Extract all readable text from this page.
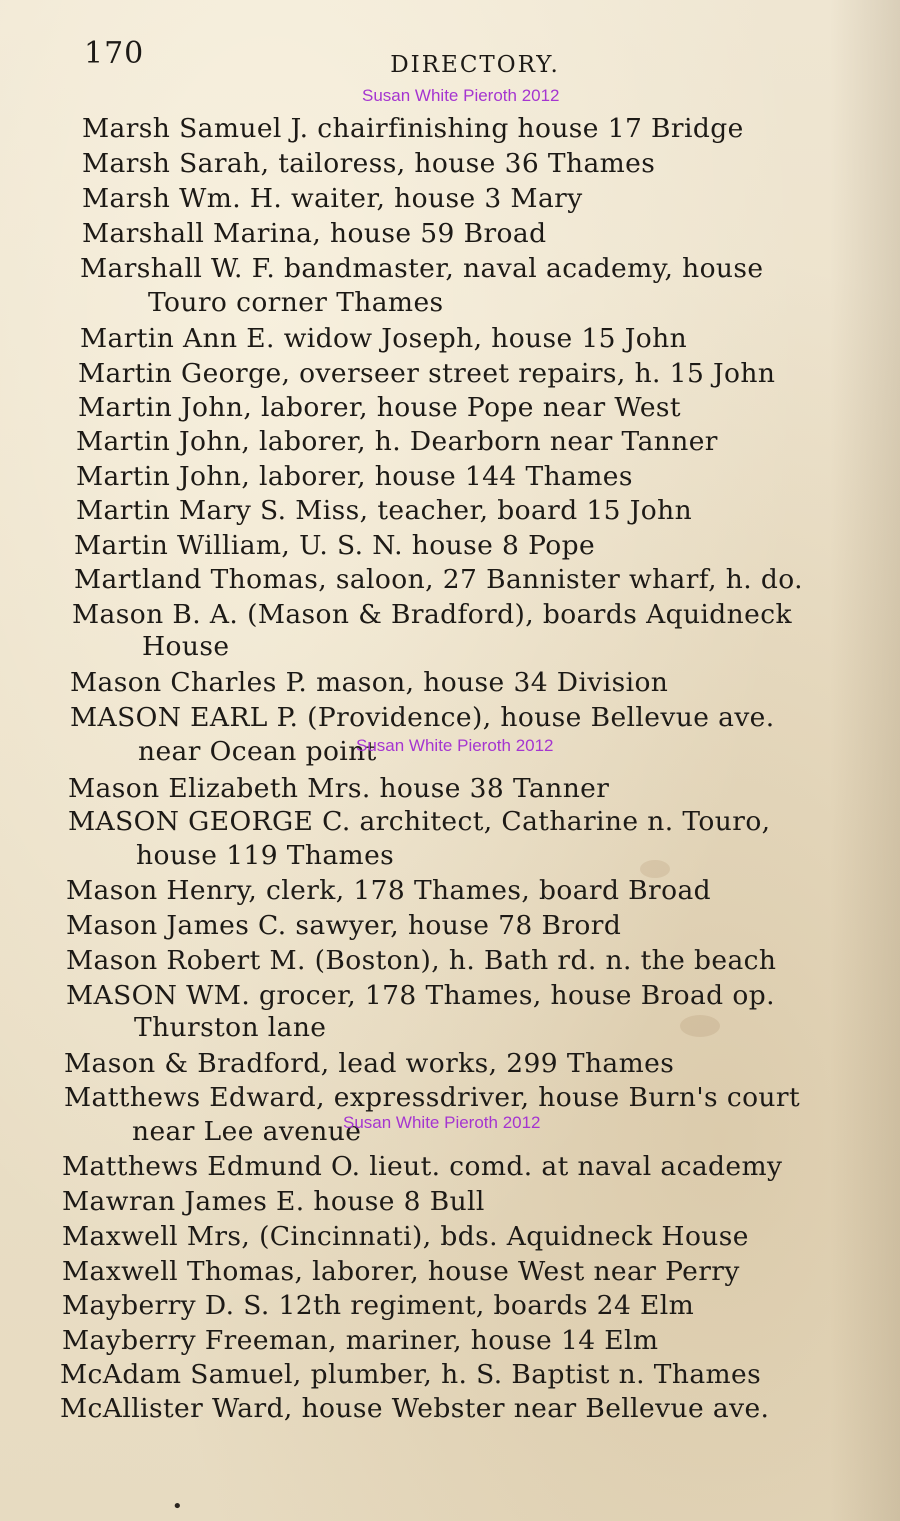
170	DIRECTORY.

Susan White Pieroth 2012

Marsh Samuel J. chairfinishing house 17 Bridge
Marsh Sarah, tailoress, house 36 Thames
Marsh Wm. H. waiter, house 3 Mary
Marshall Marina, house 59 Broad
Marshall W. F. bandmaster, naval academy, house
Touro corner Thames
Martin Ann E. widow Joseph, house 15 John
Martin George, overseer street repairs, h. 15 John
Martin John, laborer, house Pope near West
Martin John, laborer, h. Dearborn near Tanner
Martin John, laborer, house 144 Thames
Martin Mary S. Miss, teacher, board 15 John
Martin William, U. S. N. house 8 Pope
Martland Thomas, saloon, 27 Bannister wharf, h. do.
Mason B. A. (Mason & Bradford), boards Aquidneck
House
Mason Charles P. mason, house 34 Division
MASON EARL P. (Providence), house Bellevue ave.
near Ocean point
Mason Elizabeth Mrs. house 38 Tanner
MASON GEORGE C. architect, Catharine n. Touro,
house 119 Thames
Mason Henry, clerk, 178 Thames, board Broad
Mason James C. sawyer, house 78 Brord
Mason Robert M. (Boston), h. Bath rd. n. the beach
MASON WM. grocer, 178 Thames, house Broad op.
Thurston lane
Mason & Bradford, lead works, 299 Thames
Matthews Edward, expressdriver, house Burn's court
near Lee avenue
Matthews Edmund O. lieut. comd. at naval academy
Mawran James E. house 8 Bull
Maxwell Mrs, (Cincinnati), bds. Aquidneck House
Maxwell Thomas, laborer, house West near Perry
Mayberry D. S. 12th regiment, boards 24 Elm
Mayberry Freeman, mariner, house 14 Elm
McAdam Samuel, plumber, h. S. Baptist n. Thames
McAllister Ward, house Webster near Bellevue ave.

Susan White Pieroth 2012

Susan White Pieroth 2012

•
